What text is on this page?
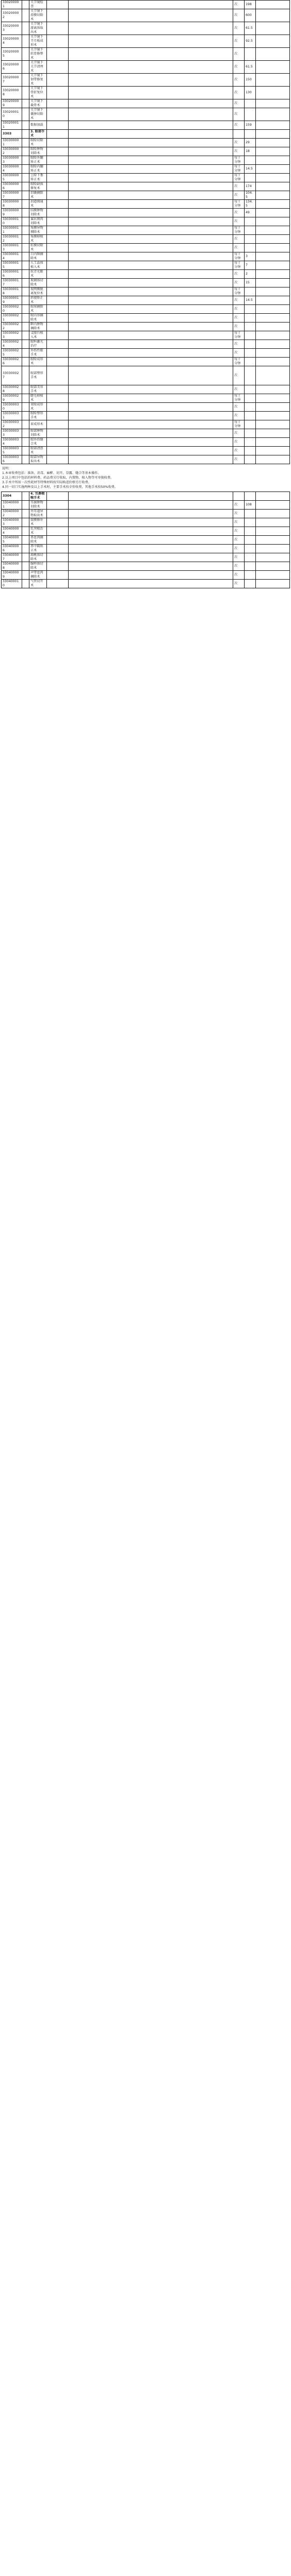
330200001		关节镜检查			次	198	
330200002		关节镜下滑膜切除术			次	600	
330200003		关节镜下游离体取出术			次	61.5	
330200004		关节镜下半月板成形术			次	92.5	
330200005		关节镜下软骨修整术			次		
330200006		关节镜下关节清理术			次	61.5	
330200007		关节镜下韧带修复术			次	150	
330200008		关节镜下骨折复位术			次	130	
330200009		关节镜下截骨术			次		
330200010		关节镜下囊肿切除术			次		
330200011		数据加载			次	159	
3303		3. 眼部手术					
330300001		眼睑切除术			次	29	
330300002		眼睑肿物切除术			次	18	
330300003		眼睑外翻矫正术			每十分钟		
330300004		眼睑内翻矫正术			每十分钟	14.5	
330300005		上睑下垂矫正术			每十分钟		
330300006		眼睑缺损修复术			次	174	
330300007		泪囊摘除术			次	104.5	
330300008		泪道探通术			每十分钟	134.5	
330300009		结膜肿物切除术			次	49	
330300010		翼状胬肉切除术			次		
330300011		角膜异物剔除术			每十分钟		
330300012		角膜移植术			次		
330300013		虹膜切除术			次		
330300014		白内障摘除术			每十分钟	3	
330300015		人工晶体植入术			每十分钟	7	
330300016		抗青光眼术			次	2	
330300017		玻璃体切除术			次	15	
330300018		视网膜脱离复位术			每十分钟		
330300019		斜视矫正术			次	14.5	
330300020		眼球摘除术			次		
330300021		眼内容摘除术			次		
330300022		眶内肿物摘除术			次		
330300023		义眼台植入术			每十分钟		
330300024		眼科激光治疗			次		
330300025		外伤性眼手术			次		
330300026		眼睑成形术			每十分钟		
330300027		眼部整形手术			次		
330300028		眼部美容手术			次		
330300029		睫毛移植术			每十分钟		
330300030		重睑成形术			次		
330300031		眼睑整形手术			次		
330300032		眉成形术			每十分钟		
330300033		眼部肿物切除术			次		
330300034		眼外伤缝合术			次		
330300035		眼部清创术			次		
330300036		眼部异物取出术			次		
说明：
1.本章收费包括：准备、消毒、麻醉、切开、显露、缝合等基本操作。
2.以上项目中包括的材料费、药品费另行收取，内置物、植入物等可单独收费。
3.手术中所用一次性耗材等特殊材料按实际购进价格另行收费。
4.同一切口实施两种及以上手术时，主要手术按全价收费，其他手术按50%收费。
3304		4. 耳鼻咽喉手术					
330400001		耳廓肿物切除术			次	108	
330400002		外耳道异物取出术			次		
330400003		鼓膜修补术			次		
330400004		乳突根治术			次		
330400005		鼻息肉摘除术			次		
330400006		鼻中隔矫正术			次		
330400007		扁桃体切除术			次		
330400008		腺样体切除术			次		
330400009		声带息肉摘除术			次		
330400010		气管切开术			次		
